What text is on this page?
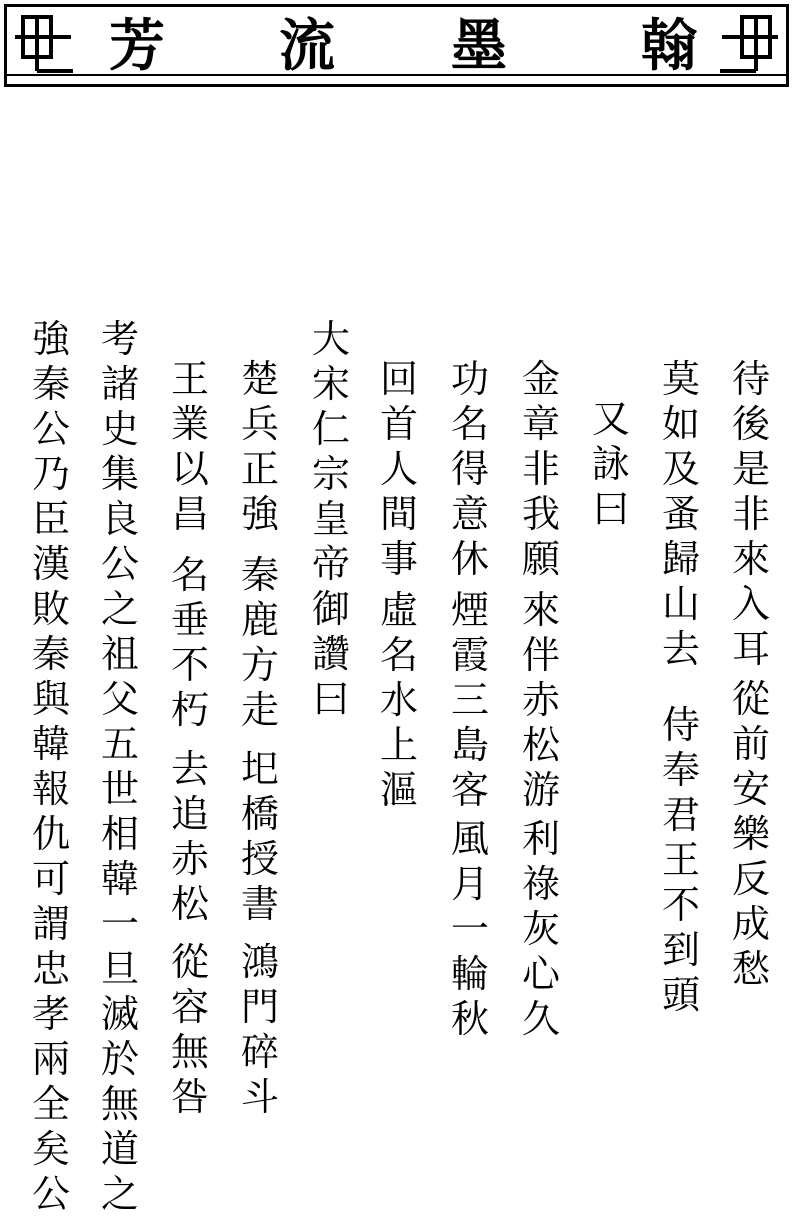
翰
墨
流
芳
待後是非來入耳
從前安樂反成愁
莫如及蚤歸山去
侍奉君王不到頭
又詠曰
金章非我願
來伴赤松游
利祿灰心久
功名得意休
煙霞三島客
風月一輪秋
回首人間事
虛名水上漚
大宋仁宗皇帝御讚曰
楚兵正強
秦鹿方走
圯橋授書
鴻門碎斗
王業以昌
名垂不朽
去追赤松
從容無咎
考諸史集良公之祖父五世相韓一旦滅於無道之
強秦公乃臣漢敗秦與韓報仇可謂忠孝兩全矣公
